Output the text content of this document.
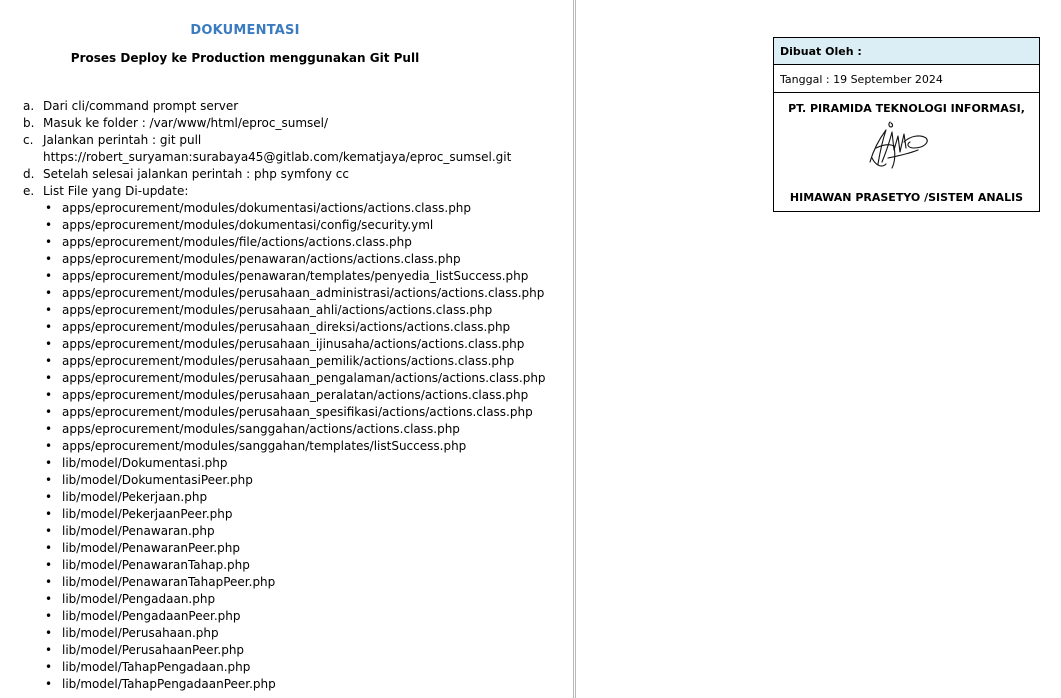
DOKUMENTASI
Proses Deploy ke Production menggunakan Git Pull
a. Dari cli/command prompt server
b. Masuk ke folder : /var/www/html/eproc_sumsel/
c. Jalankan perintah : git pull
https://robert_suryaman:surabaya45@gitlab.com/kematjaya/eproc_sumsel.git
d. Setelah selesai jalankan perintah : php symfony cc
e. List File yang Di-update:
• apps/eprocurement/modules/dokumentasi/actions/actions.class.php
• apps/eprocurement/modules/dokumentasi/config/security.yml
• apps/eprocurement/modules/file/actions/actions.class.php
• apps/eprocurement/modules/penawaran/actions/actions.class.php
• apps/eprocurement/modules/penawaran/templates/penyedia_listSuccess.php
• apps/eprocurement/modules/perusahaan_administrasi/actions/actions.class.php
• apps/eprocurement/modules/perusahaan_ahli/actions/actions.class.php
• apps/eprocurement/modules/perusahaan_direksi/actions/actions.class.php
• apps/eprocurement/modules/perusahaan_ijinusaha/actions/actions.class.php
• apps/eprocurement/modules/perusahaan_pemilik/actions/actions.class.php
• apps/eprocurement/modules/perusahaan_pengalaman/actions/actions.class.php
• apps/eprocurement/modules/perusahaan_peralatan/actions/actions.class.php
• apps/eprocurement/modules/perusahaan_spesifikasi/actions/actions.class.php
• apps/eprocurement/modules/sanggahan/actions/actions.class.php
• apps/eprocurement/modules/sanggahan/templates/listSuccess.php
• lib/model/Dokumentasi.php
• lib/model/DokumentasiPeer.php
• lib/model/Pekerjaan.php
• lib/model/PekerjaanPeer.php
• lib/model/Penawaran.php
• lib/model/PenawaranPeer.php
• lib/model/PenawaranTahap.php
• lib/model/PenawaranTahapPeer.php
• lib/model/Pengadaan.php
• lib/model/PengadaanPeer.php
• lib/model/Perusahaan.php
• lib/model/PerusahaanPeer.php
• lib/model/TahapPengadaan.php
• lib/model/TahapPengadaanPeer.php
Dibuat Oleh :
Tanggal : 19 September 2024
PT. PIRAMIDA TEKNOLOGI INFORMASI,
HIMAWAN PRASETYO /SISTEM ANALIS
